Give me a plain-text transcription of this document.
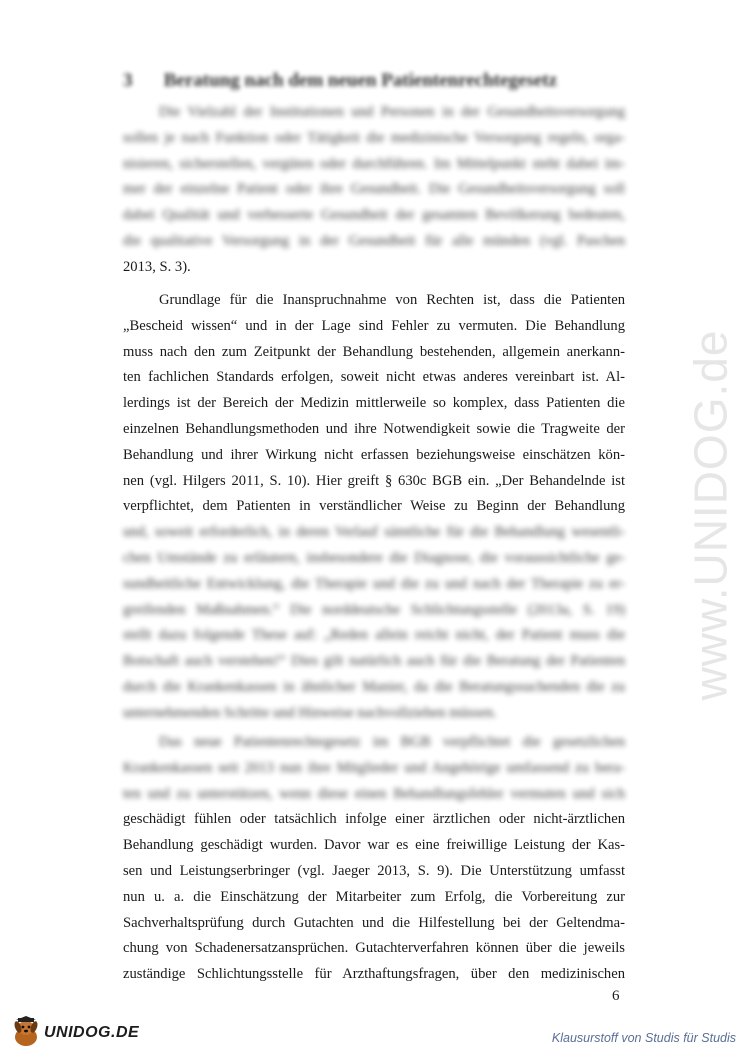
www.UNIDOG.de
3 Beratung nach dem neuen Patientenrechtegesetz
Die Vielzahl der Institutionen und Personen in der Gesundheitsversorgung
sollen je nach Funktion oder Tätigkeit die medizinische Versorgung regeln, orga-
nisieren, sicherstellen, vergüten oder durchführen. Im Mittelpunkt steht dabei im-
mer der einzelne Patient oder ihre Gesundheit. Die Gesundheitsversorgung soll
dabei Qualität und verbesserte Gesundheit der gesamten Bevölkerung bedeuten,
die qualitative Versorgung in der Gesundheit für alle münden (vgl. Paschen
2013, S. 3).
Grundlage für die Inanspruchnahme von Rechten ist, dass die Patienten
„Bescheid wissen“ und in der Lage sind Fehler zu vermuten. Die Behandlung
muss nach den zum Zeitpunkt der Behandlung bestehenden, allgemein anerkann-
ten fachlichen Standards erfolgen, soweit nicht etwas anderes vereinbart ist. Al-
lerdings ist der Bereich der Medizin mittlerweile so komplex, dass Patienten die
einzelnen Behandlungsmethoden und ihre Notwendigkeit sowie die Tragweite der
Behandlung und ihrer Wirkung nicht erfassen beziehungsweise einschätzen kön-
nen (vgl. Hilgers 2011, S. 10). Hier greift § 630c BGB ein. „Der Behandelnde ist
verpflichtet, dem Patienten in verständlicher Weise zu Beginn der Behandlung
und, soweit erforderlich, in deren Verlauf sämtliche für die Behandlung wesentli-
chen Umstände zu erläutern, insbesondere die Diagnose, die voraussichtliche ge-
sundheitliche Entwicklung, die Therapie und die zu und nach der Therapie zu er-
greifenden Maßnahmen.“ Die norddeutsche Schlichtungsstelle (2013a, S. 19)
stellt dazu folgende These auf: „Reden allein reicht nicht, der Patient muss die
Botschaft auch verstehen!“ Dies gilt natürlich auch für die Beratung der Patienten
durch die Krankenkassen in ähnlicher Manier, da die Beratungssuchenden die zu
unternehmenden Schritte und Hinweise nachvollziehen müssen.
Das neue Patientenrechtegesetz im BGB verpflichtet die gesetzlichen
Krankenkassen seit 2013 nun ihre Mitglieder und Angehörige umfassend zu bera-
ten und zu unterstützen, wenn diese einen Behandlungsfehler vermuten und sich
geschädigt fühlen oder tatsächlich infolge einer ärztlichen oder nicht-ärztlichen
Behandlung geschädigt wurden. Davor war es eine freiwillige Leistung der Kas-
sen und Leistungserbringer (vgl. Jaeger 2013, S. 9). Die Unterstützung umfasst
nun u. a. die Einschätzung der Mitarbeiter zum Erfolg, die Vorbereitung zur
Sachverhaltsprüfung durch Gutachten und die Hilfestellung bei der Geltendma-
chung von Schadenersatzansprüchen. Gutachterverfahren können über die jeweils
zuständige Schlichtungsstelle für Arzthaftungsfragen, über den medizinischen
6
UNIDOG.DE	Klausurstoff von Studis für Studis
